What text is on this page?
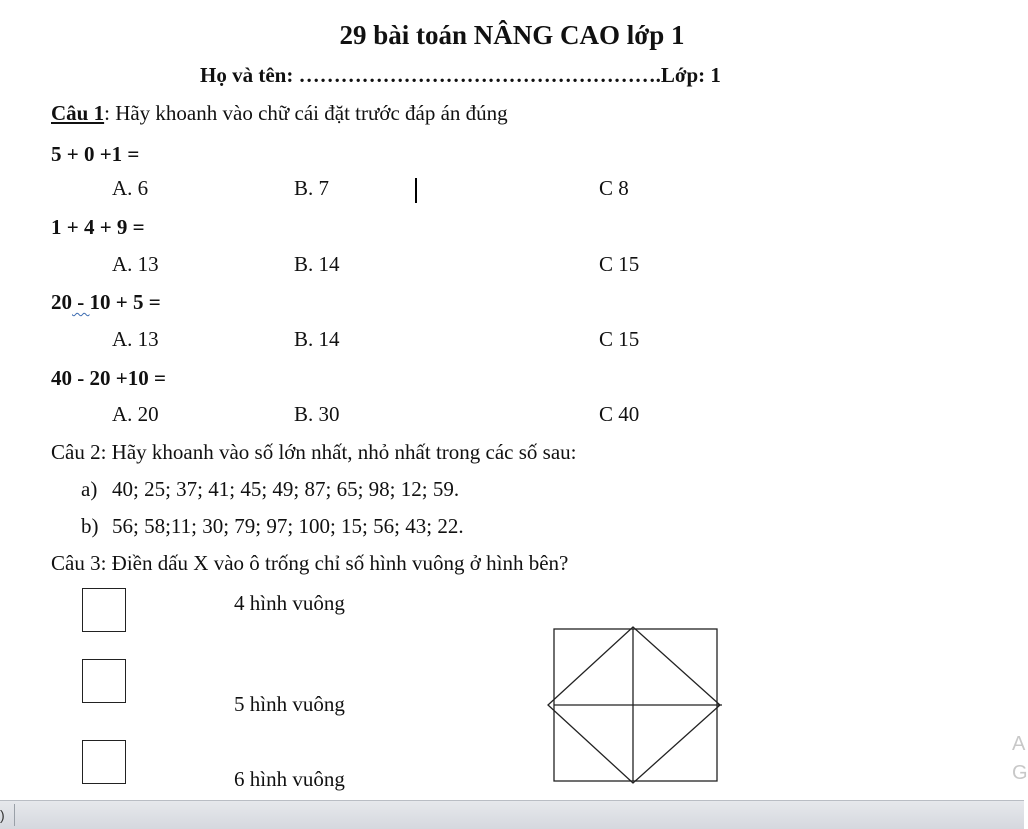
29 bài toán NÂNG CAO lớp 1
Họ và tên: …………………………………………….Lớp: 1
Câu 1: Hãy khoanh vào chữ cái đặt trước đáp án đúng
5 + 0 +1 =
A. 6	B. 7	C 8
1 + 4 + 9 =
A. 13	B. 14	C 15
20 - 10 + 5 =
A. 13	B. 14	C 15
40 - 20 +10 =
A. 20	B. 30	C 40
Câu 2: Hãy khoanh vào số lớn nhất, nhỏ nhất trong các số sau:
a) 40; 25; 37; 41; 45; 49; 87; 65; 98; 12; 59.
b) 56; 58;11; 30; 79; 97; 100; 15; 56; 43; 22.
Câu 3: Điền dấu X vào ô trống chỉ số hình vuông ở hình bên?
4 hình vuông
5 hình vuông
6 hình vuông
A
G
)
